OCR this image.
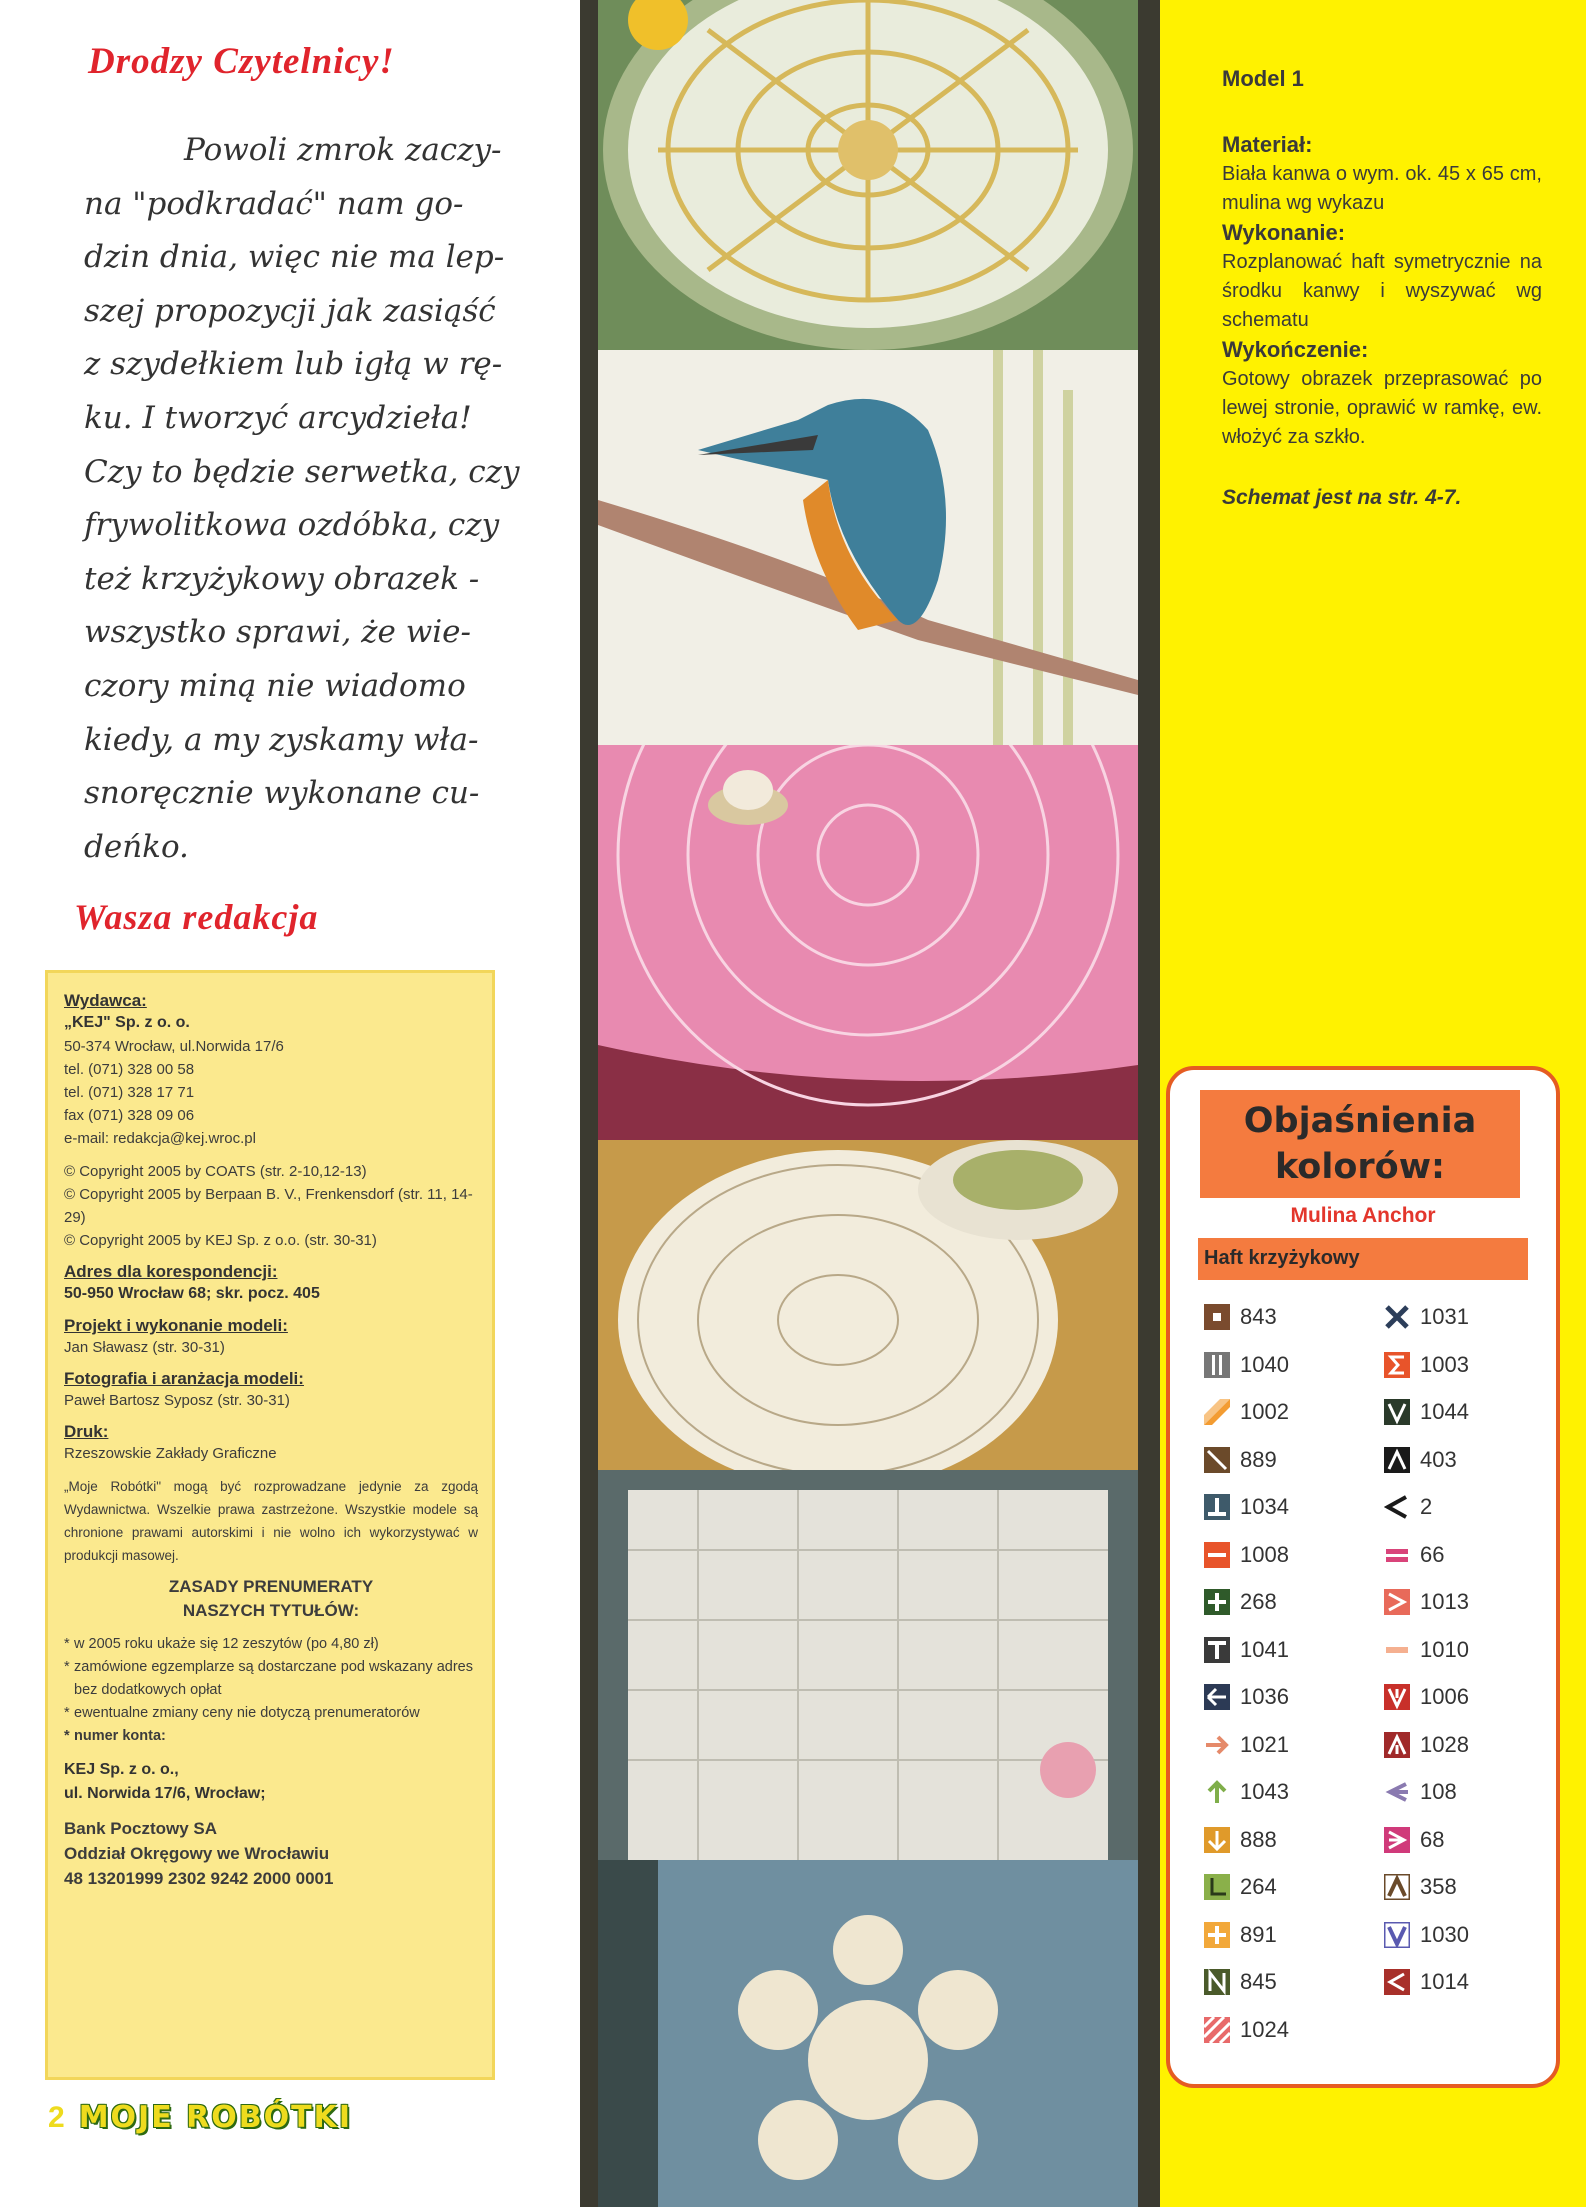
Drodzy Czytelnicy!
Powoli zmrok zaczy-
na "podkradać" nam go-
dzin dnia, więc nie ma lep-
szej propozycji jak zasiąść
z szydełkiem lub igłą w rę-
ku. I tworzyć arcydzieła!
Czy to będzie serwetka, czy
frywolitkowa ozdóbka, czy
też krzyżykowy obrazek -
wszystko sprawi, że wie-
czory miną nie wiadomo
kiedy, a my zyskamy wła-
snoręcznie wykonane cu-
deńko.
Wasza redakcja
Wydawca:
„KEJ" Sp. z o. o.
50-374 Wrocław, ul.Norwida 17/6
tel. (071) 328 00 58
tel. (071) 328 17 71
fax (071) 328 09 06
e-mail: redakcja@kej.wroc.pl
© Copyright 2005 by COATS (str. 2-10,12-13)
© Copyright 2005 by Berpaan B. V., Frenkensdorf (str. 11, 14-29)
© Copyright 2005 by KEJ Sp. z o.o. (str. 30-31)
Adres dla korespondencji:
50-950 Wrocław 68; skr. pocz. 405
Projekt i wykonanie modeli:
Jan Sławasz (str. 30-31)
Fotografia i aranżacja modeli:
Paweł Bartosz Syposz (str. 30-31)
Druk:
Rzeszowskie Zakłady Graficzne
„Moje Robótki" mogą być rozprowadzane jedynie za zgodą Wydawnictwa. Wszelkie prawa zastrzeżone. Wszystkie modele są chronione prawami autorskimi i nie wolno ich wykorzystywać w produkcji masowej.
ZASADY PRENUMERATY
NASZYCH TYTUŁÓW:
* w 2005 roku ukaże się 12 zeszytów (po 4,80 zł)
* zamówione egzemplarze są dostarczane pod wskazany adres bez dodatkowych opłat
* ewentualne zmiany ceny nie dotyczą prenumeratorów
* numer konta:
KEJ Sp. z o. o.,
ul. Norwida 17/6, Wrocław;
Bank Pocztowy SA
Oddział Okręgowy we Wrocławiu
48 13201999 2302 9242 2000 0001
2 MOJE ROBÓTKI
Model 1
Materiał:
Biała kanwa o wym. ok. 45 x 65 cm, mulina wg wykazu
Wykonanie:
Rozplanować haft symetrycznie na środku kanwy i wyszywać wg schematu
Wykończenie:
Gotowy obrazek przeprasować po lewej stronie, oprawić w ramkę, ew. włożyć za szkło.
Schemat jest na str. 4-7.
Objaśnienia
kolorów:
Mulina Anchor
Haft krzyżykowy
843
1040
1002
889
1034
1008
268
1041
1036
1021
1043
888
264
891
845
1024
1031
1003
1044
403
2
66
1013
1010
1006
1028
108
68
358
1030
1014
